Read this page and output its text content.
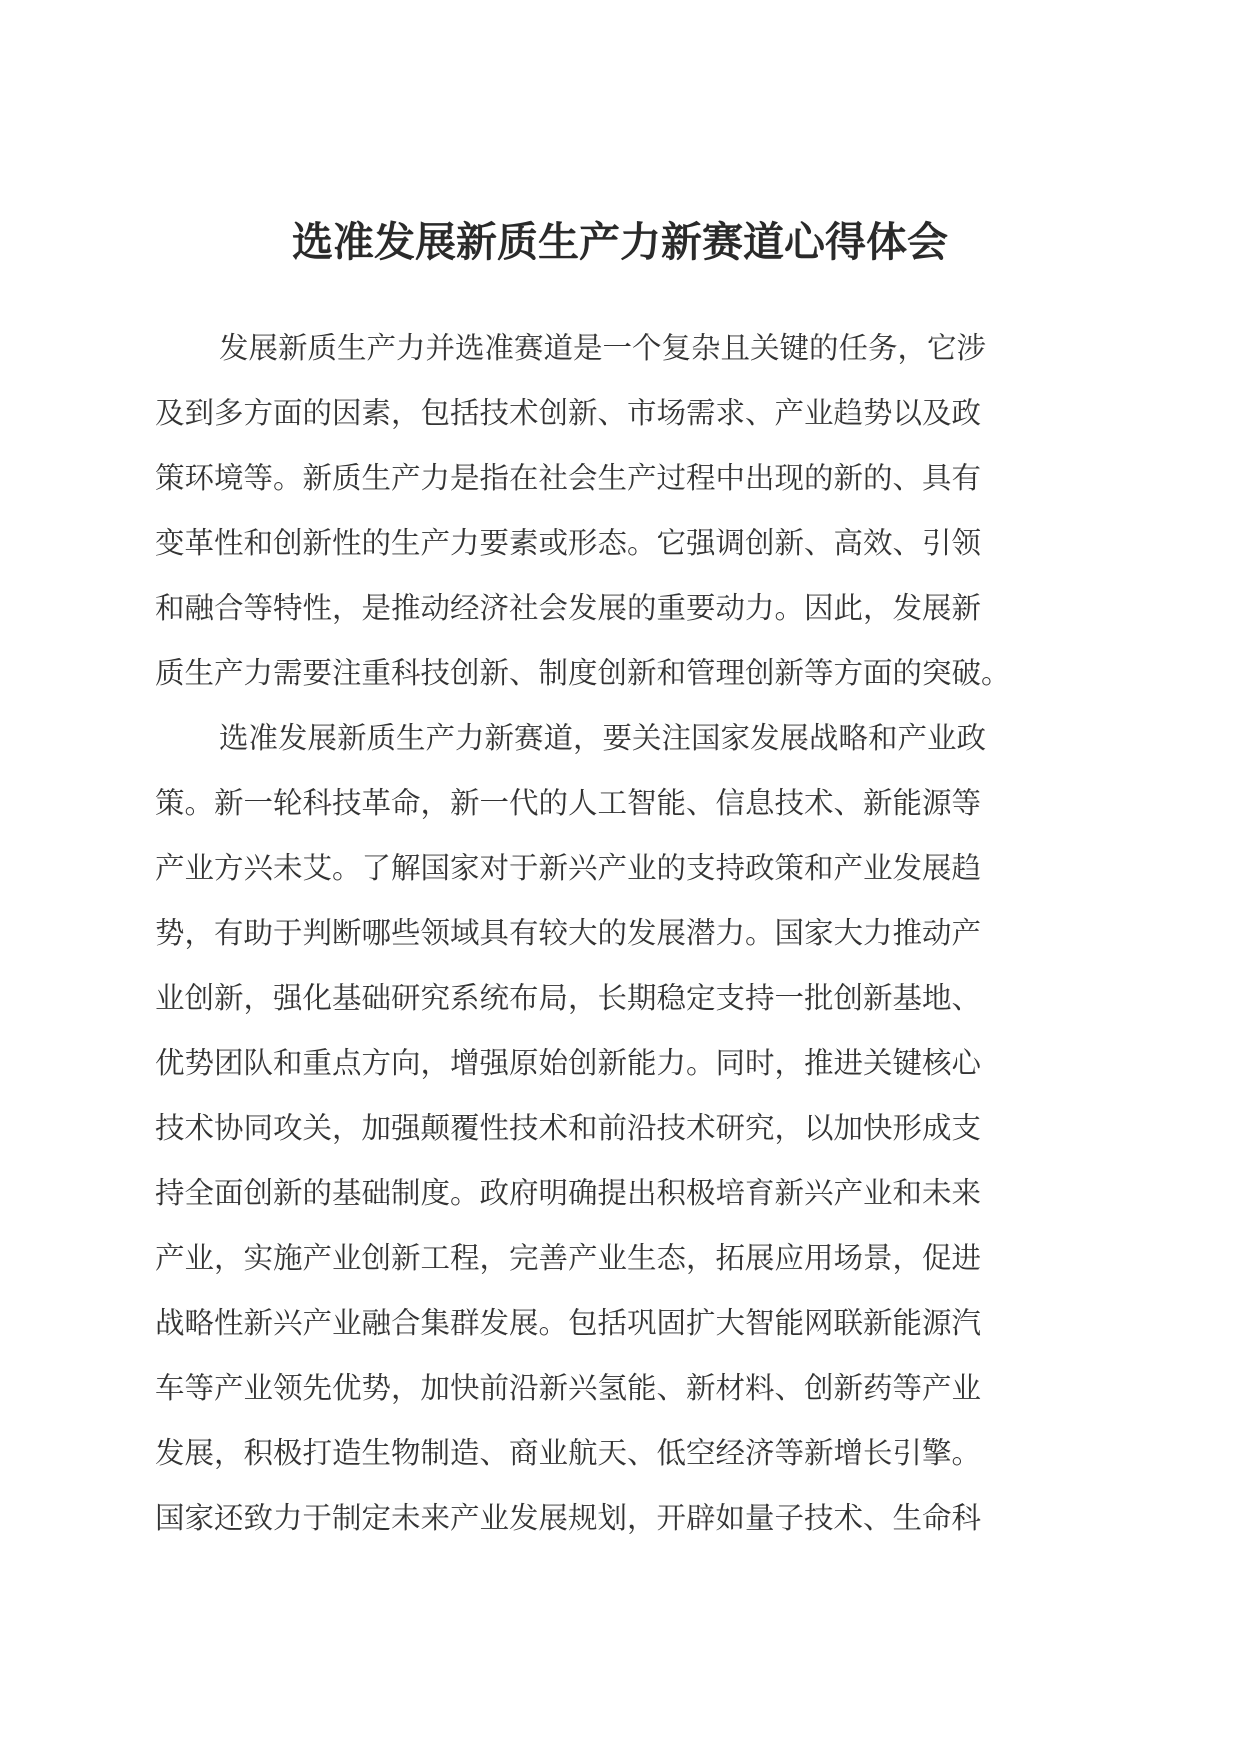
选准发展新质生产力新赛道心得体会
发展新质生产力并选准赛道是一个复杂且关键的任务，它涉
及到多方面的因素，包括技术创新、市场需求、产业趋势以及政
策环境等。新质生产力是指在社会生产过程中出现的新的、具有
变革性和创新性的生产力要素或形态。它强调创新、高效、引领
和融合等特性，是推动经济社会发展的重要动力。因此，发展新
质生产力需要注重科技创新、制度创新和管理创新等方面的突破。
选准发展新质生产力新赛道，要关注国家发展战略和产业政
策。新一轮科技革命，新一代的人工智能、信息技术、新能源等
产业方兴未艾。了解国家对于新兴产业的支持政策和产业发展趋
势，有助于判断哪些领域具有较大的发展潜力。国家大力推动产
业创新，强化基础研究系统布局，长期稳定支持一批创新基地、
优势团队和重点方向，增强原始创新能力。同时，推进关键核心
技术协同攻关，加强颠覆性技术和前沿技术研究，以加快形成支
持全面创新的基础制度。政府明确提出积极培育新兴产业和未来
产业，实施产业创新工程，完善产业生态，拓展应用场景，促进
战略性新兴产业融合集群发展。包括巩固扩大智能网联新能源汽
车等产业领先优势，加快前沿新兴氢能、新材料、创新药等产业
发展，积极打造生物制造、商业航天、低空经济等新增长引擎。
国家还致力于制定未来产业发展规划，开辟如量子技术、生命科
